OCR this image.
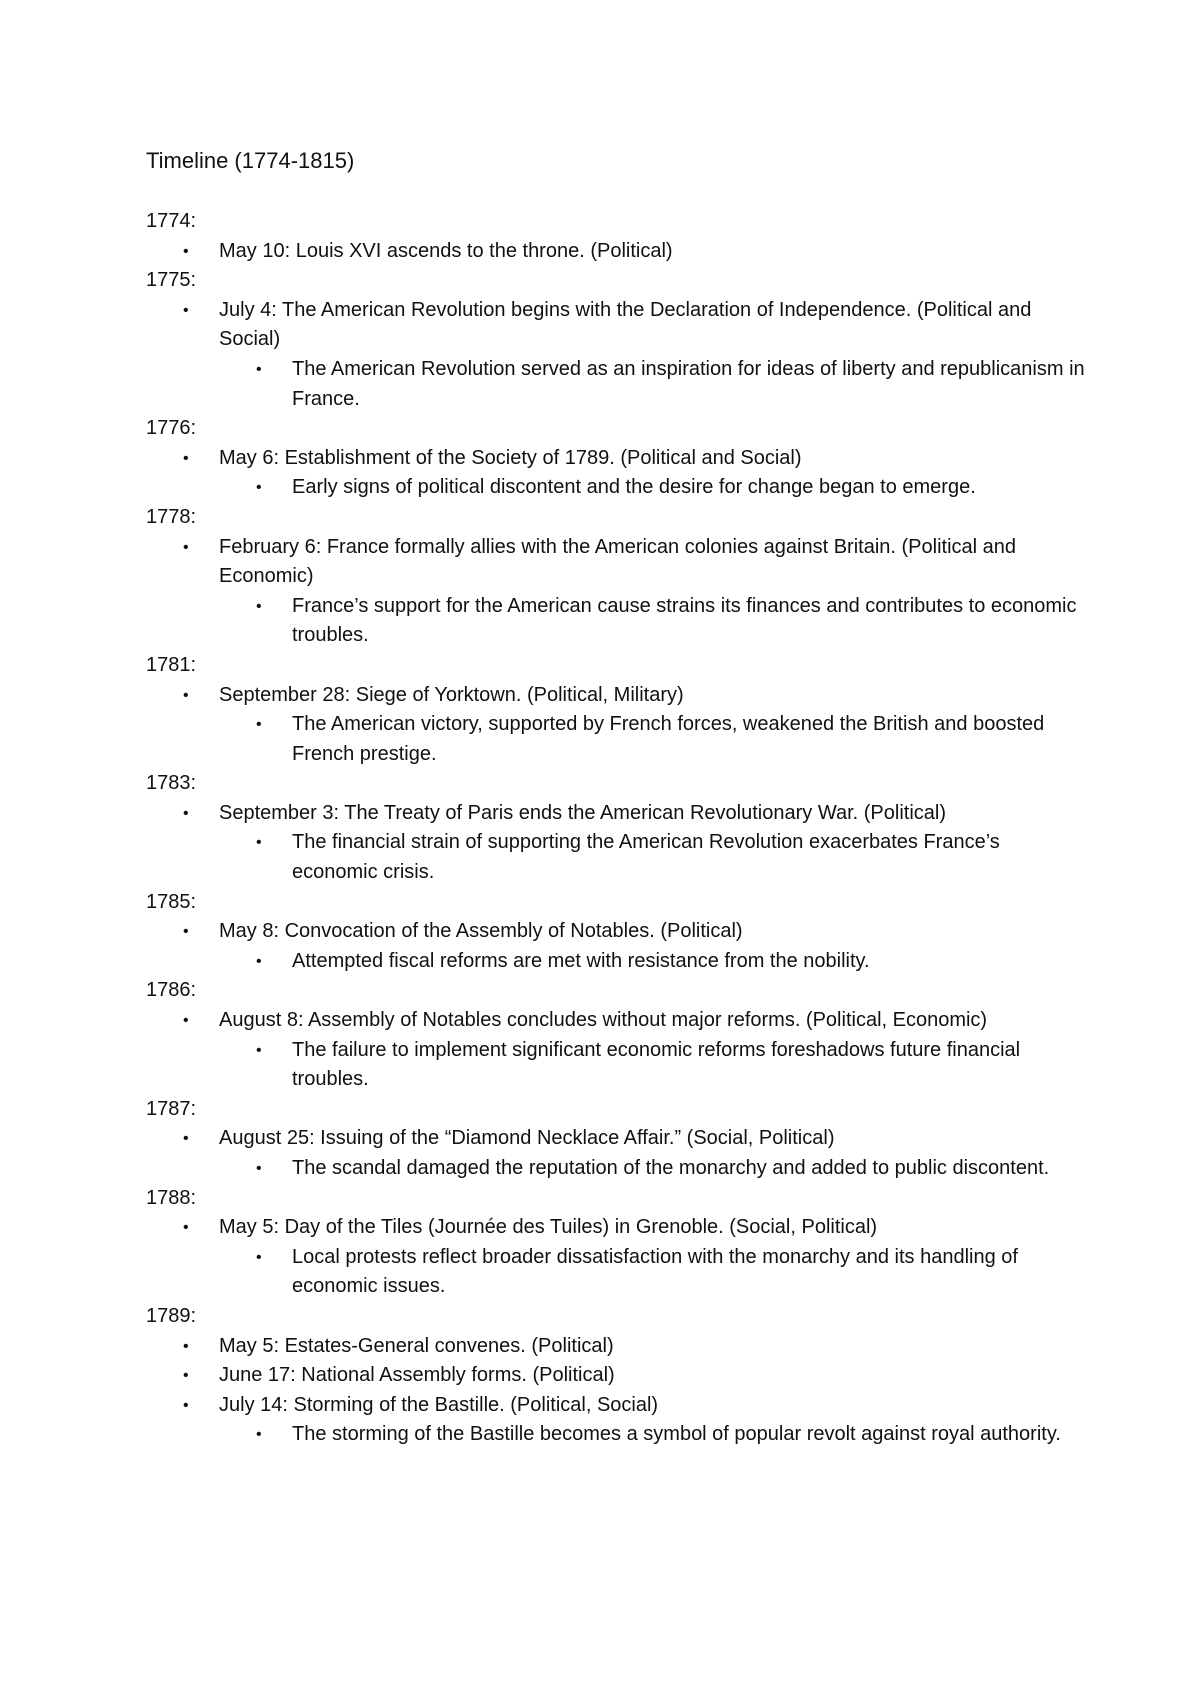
Timeline (1774-1815)
1774:
• May 10: Louis XVI ascends to the throne. (Political)
1775:
• July 4: The American Revolution begins with the Declaration of Independence. (Political and Social)
• The American Revolution served as an inspiration for ideas of liberty and republicanism in France.
1776:
• May 6: Establishment of the Society of 1789. (Political and Social)
• Early signs of political discontent and the desire for change began to emerge.
1778:
• February 6: France formally allies with the American colonies against Britain. (Political and Economic)
• France’s support for the American cause strains its finances and contributes to economic troubles.
1781:
• September 28: Siege of Yorktown. (Political, Military)
• The American victory, supported by French forces, weakened the British and boosted French prestige.
1783:
• September 3: The Treaty of Paris ends the American Revolutionary War. (Political)
• The financial strain of supporting the American Revolution exacerbates France’s economic crisis.
1785:
• May 8: Convocation of the Assembly of Notables. (Political)
• Attempted fiscal reforms are met with resistance from the nobility.
1786:
• August 8: Assembly of Notables concludes without major reforms. (Political, Economic)
• The failure to implement significant economic reforms foreshadows future financial troubles.
1787:
• August 25: Issuing of the “Diamond Necklace Affair.” (Social, Political)
• The scandal damaged the reputation of the monarchy and added to public discontent.
1788:
• May 5: Day of the Tiles (Journée des Tuiles) in Grenoble. (Social, Political)
• Local protests reflect broader dissatisfaction with the monarchy and its handling of economic issues.
1789:
• May 5: Estates-General convenes. (Political)
• June 17: National Assembly forms. (Political)
• July 14: Storming of the Bastille. (Political, Social)
• The storming of the Bastille becomes a symbol of popular revolt against royal authority.
